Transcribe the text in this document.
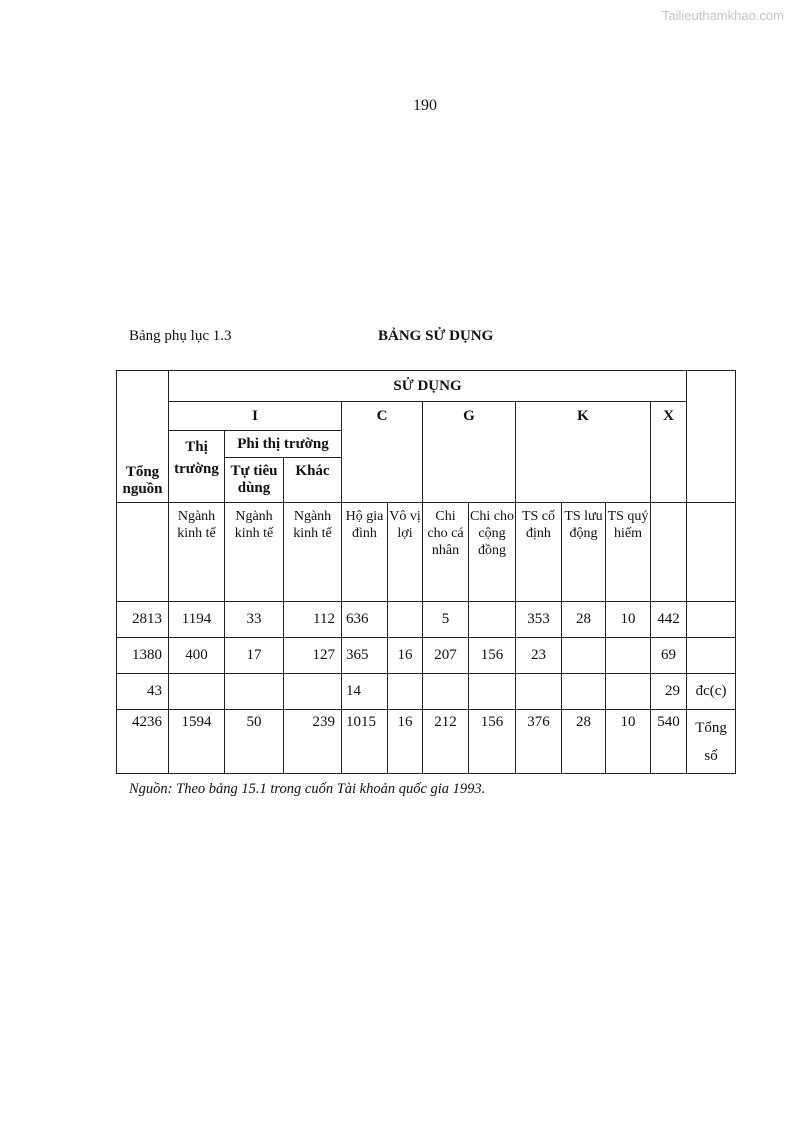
Tailieuthamkhao.com
190
Bảng phụ lục 1.3	BẢNG SỬ DỤNG
Tổng nguồn	SỬ DỤNG											
	I			C		G		K			X	
	Thị trường	Phi thị trường										
		Tự tiêu dùng	Khác									
	Ngành kinh tế	Ngành kinh tế	Ngành kinh tế	Hộ gia đình	Vô vị lợi	Chi cho cá nhân	Chi cho cộng đồng	TS cố định	TS lưu động	TS quý hiếm		
2813	1194	33	112	636		5		353	28	10	442	
1380	400	17	127	365	16	207	156	23			69	
43				14							29	đc(c)
4236	1594	50	239	1015	16	212	156	376	28	10	540	Tổng số
Nguồn: Theo bảng 15.1 trong cuốn Tài khoản quốc gia 1993.
